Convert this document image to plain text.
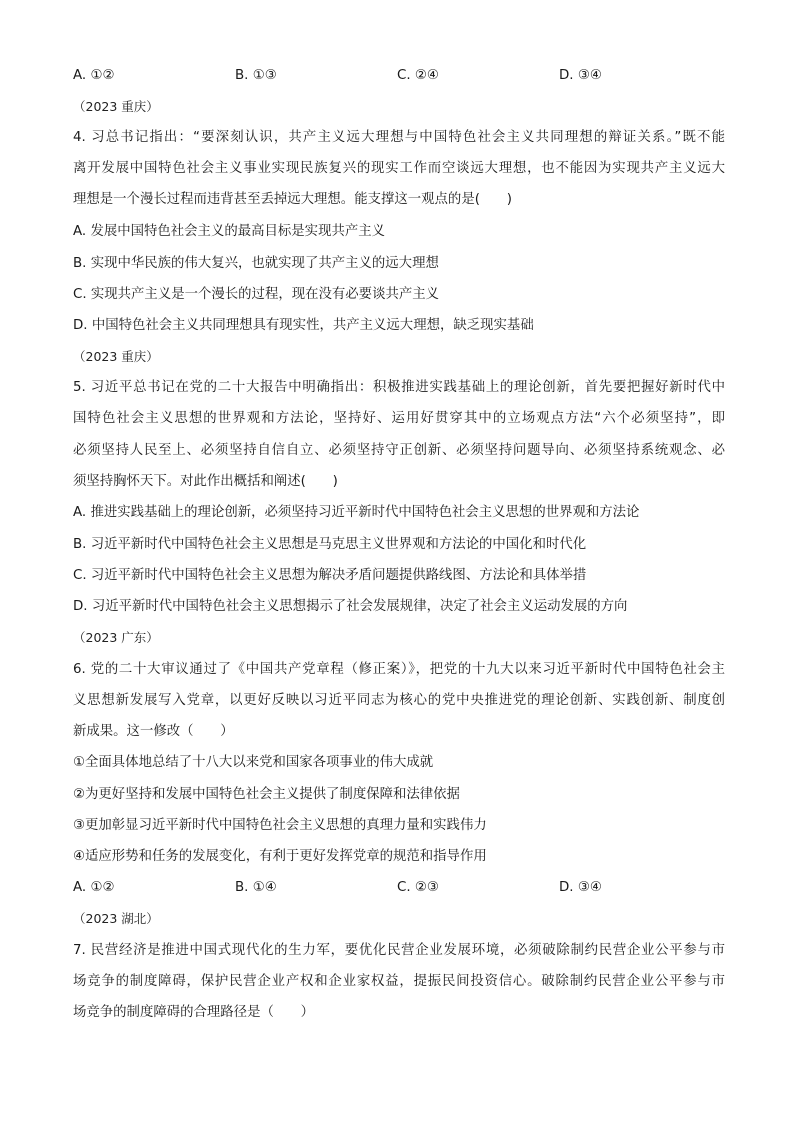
A. ①②	B. ①③	C. ②④	D. ③④
（2023 重庆）
4. 习总书记指出：“要深刻认识，共产主义远大理想与中国特色社会主义共同理想的辩证关系。”既不能
离开发展中国特色社会主义事业实现民族复兴的现实工作而空谈远大理想，也不能因为实现共产主义远大
理想是一个漫长过程而违背甚至丢掉远大理想。能支撑这一观点的是(　　)
A. 发展中国特色社会主义的最高目标是实现共产主义
B. 实现中华民族的伟大复兴，也就实现了共产主义的远大理想
C. 实现共产主义是一个漫长的过程，现在没有必要谈共产主义
D. 中国特色社会主义共同理想具有现实性，共产主义远大理想，缺乏现实基础
（2023 重庆）
5. 习近平总书记在党的二十大报告中明确指出：积极推进实践基础上的理论创新，首先要把握好新时代中
国特色社会主义思想的世界观和方法论，坚持好、运用好贯穿其中的立场观点方法“六个必须坚持”，即
必须坚持人民至上、必须坚持自信自立、必须坚持守正创新、必须坚持问题导向、必须坚持系统观念、必
须坚持胸怀天下。对此作出概括和阐述(　　)
A. 推进实践基础上的理论创新，必须坚持习近平新时代中国特色社会主义思想的世界观和方法论
B. 习近平新时代中国特色社会主义思想是马克思主义世界观和方法论的中国化和时代化
C. 习近平新时代中国特色社会主义思想为解决矛盾问题提供路线图、方法论和具体举措
D. 习近平新时代中国特色社会主义思想揭示了社会发展规律，决定了社会主义运动发展的方向
（2023 广东）
6. 党的二十大审议通过了《中国共产党章程（修正案）》，把党的十九大以来习近平新时代中国特色社会主
义思想新发展写入党章，以更好反映以习近平同志为核心的党中央推进党的理论创新、实践创新、制度创
新成果。这一修改（　　）
①全面具体地总结了十八大以来党和国家各项事业的伟大成就
②为更好坚持和发展中国特色社会主义提供了制度保障和法律依据
③更加彰显习近平新时代中国特色社会主义思想的真理力量和实践伟力
④适应形势和任务的发展变化，有利于更好发挥党章的规范和指导作用
A. ①②	B. ①④	C. ②③	D. ③④
（2023 湖北）
7. 民营经济是推进中国式现代化的生力军，要优化民营企业发展环境，必须破除制约民营企业公平参与市
场竞争的制度障碍，保护民营企业产权和企业家权益，提振民间投资信心。破除制约民营企业公平参与市
场竞争的制度障碍的合理路径是（　　）
